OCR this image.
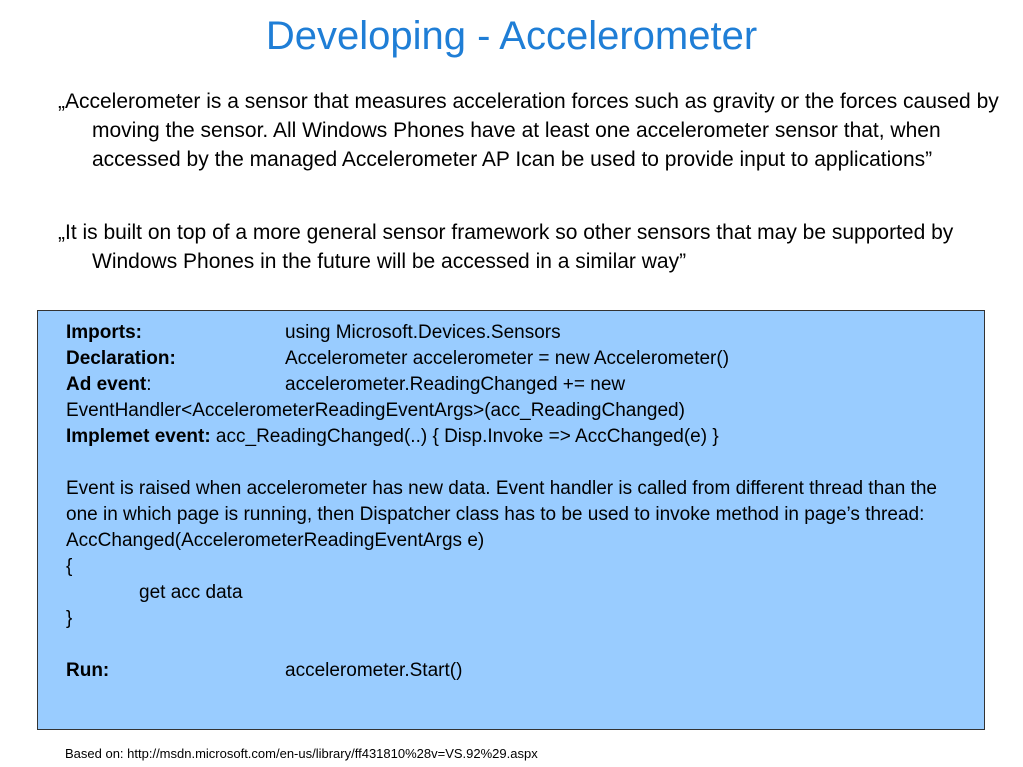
Developing - Accelerometer
„Accelerometer is a sensor that measures acceleration forces such as gravity or the forces caused by moving the sensor. All Windows Phones have at least one accelerometer sensor that, when accessed by the managed Accelerometer AP Ican be used to provide input to applications”
„It is built on top of a more general sensor framework so other sensors that may be supported by Windows Phones in the future will be accessed in a similar way”
Imports:	using Microsoft.Devices.Sensors
Declaration:	Accelerometer accelerometer = new Accelerometer()
Ad event:	accelerometer.ReadingChanged += new
EventHandler<AccelerometerReadingEventArgs>(acc_ReadingChanged)
Implemet event: acc_ReadingChanged(..) { Disp.Invoke => AccChanged(e) }
Event is raised when accelerometer has new data. Event handler is called from different thread than the one in which page is running, then Dispatcher class has to be used to invoke method in page’s thread:
AccChanged(AccelerometerReadingEventArgs e)
{
get acc data
}
Run:	accelerometer.Start()
Based on: http://msdn.microsoft.com/en-us/library/ff431810%28v=VS.92%29.aspx
